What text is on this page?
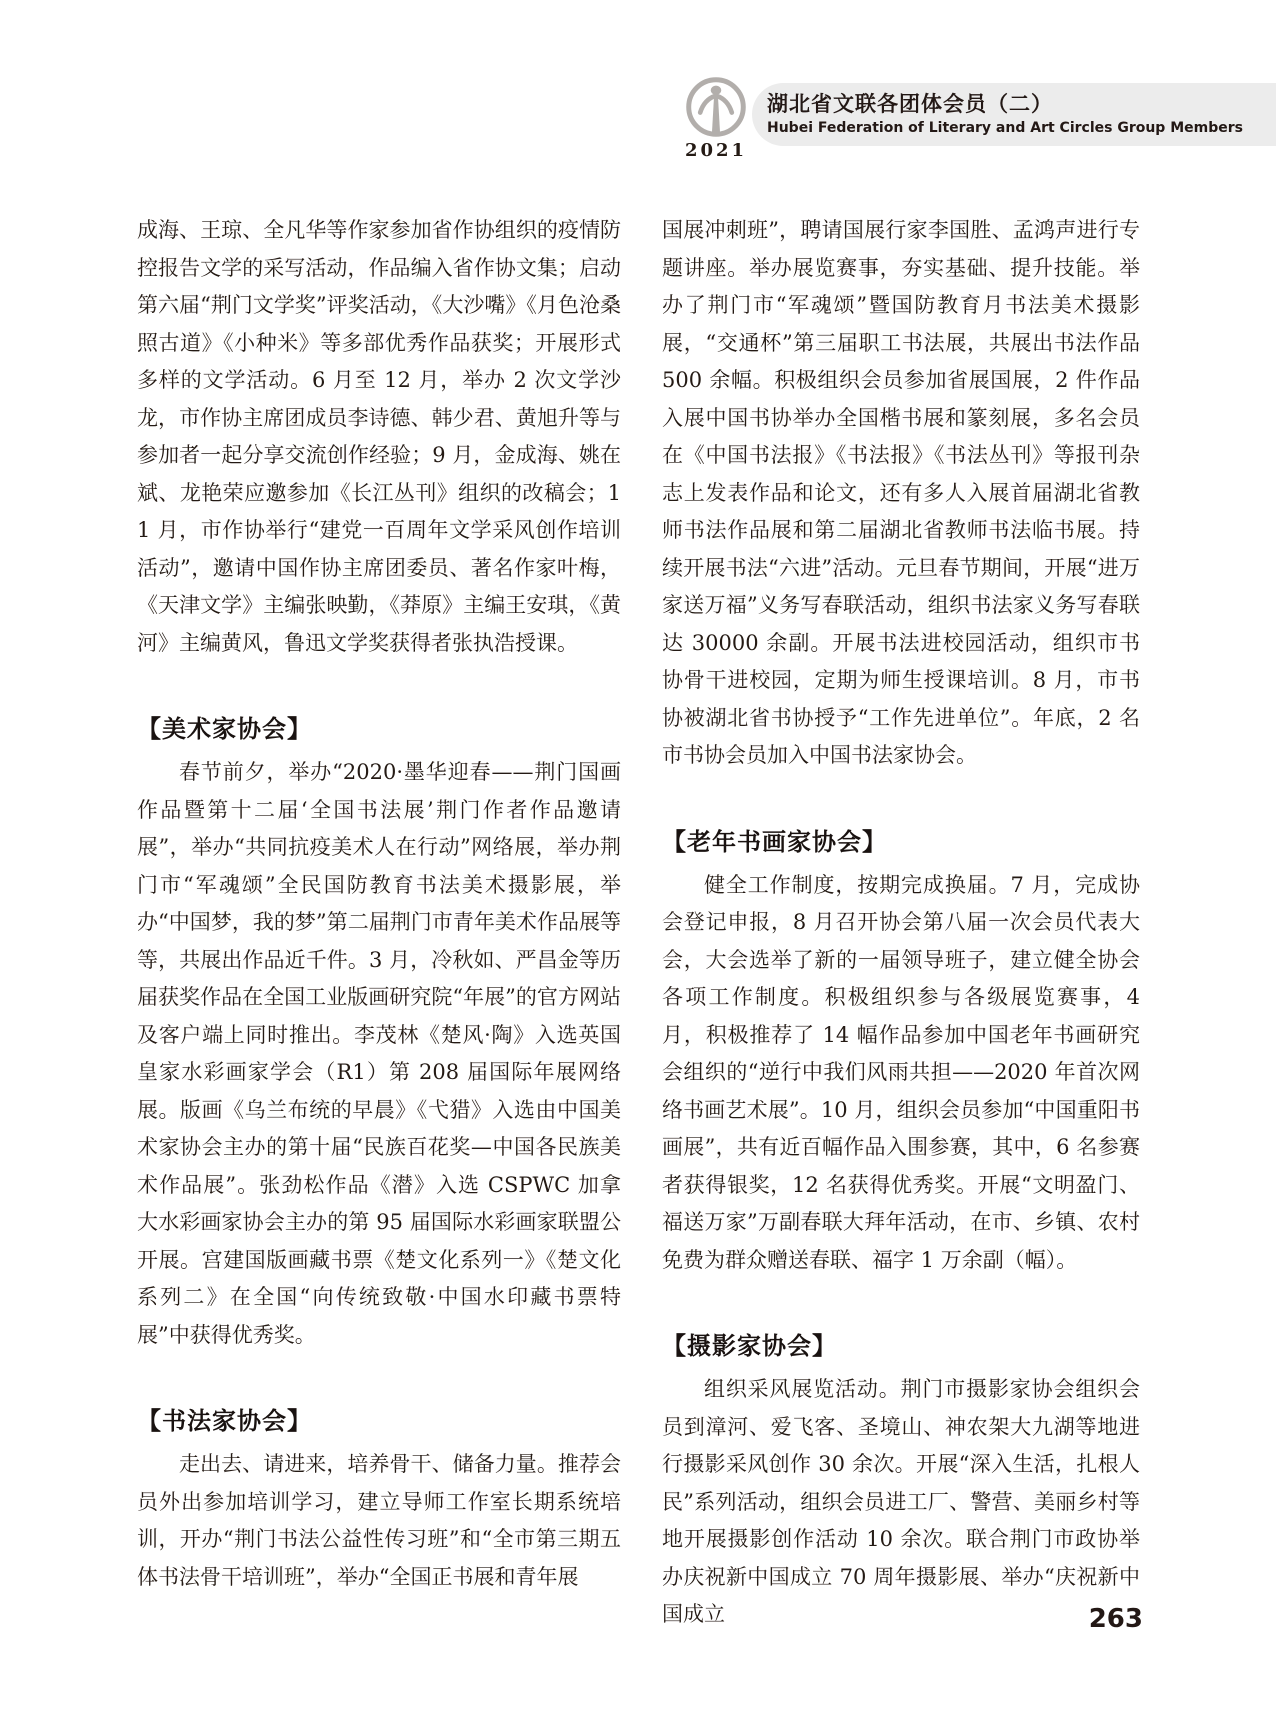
2021
湖北省文联各团体会员（二）
Hubei Federation of Literary and Art Circles Group Members

成海、王琼、全凡华等作家参加省作协组织的疫情防控报告文学的采写活动，作品编入省作协文集；启动第六届“荆门文学奖”评奖活动，《大沙嘴》《月色沧桑照古道》《小种米》等多部优秀作品获奖；开展形式多样的文学活动。6 月至 12 月，举办 2 次文学沙龙，市作协主席团成员李诗德、韩少君、黄旭升等与参加者一起分享交流创作经验；9 月，金成海、姚在斌、龙艳荣应邀参加《长江丛刊》组织的改稿会；11 月，市作协举行“建党一百周年文学采风创作培训活动”，邀请中国作协主席团委员、著名作家叶梅，《天津文学》主编张映勤，《莽原》主编王安琪，《黄河》主编黄风，鲁迅文学奖获得者张执浩授课。

【美术家协会】

春节前夕，举办“2020·墨华迎春——荆门国画作品暨第十二届‘全国书法展’荆门作者作品邀请展”，举办“共同抗疫美术人在行动”网络展，举办荆门市“军魂颂”全民国防教育书法美术摄影展，举办“中国梦，我的梦”第二届荆门市青年美术作品展等等，共展出作品近千件。3 月，冷秋如、严昌金等历届获奖作品在全国工业版画研究院“年展”的官方网站及客户端上同时推出。李茂林《楚风·陶》入选英国皇家水彩画家学会（R1）第 208 届国际年展网络展。版画《乌兰布统的早晨》《弋猎》入选由中国美术家协会主办的第十届“民族百花奖—中国各民族美术作品展”。张劲松作品《潜》入选 CSPWC 加拿大水彩画家协会主办的第 95 届国际水彩画家联盟公开展。宫建国版画藏书票《楚文化系列一》《楚文化系列二》在全国“向传统致敬·中国水印藏书票特展”中获得优秀奖。

【书法家协会】

走出去、请进来，培养骨干、储备力量。推荐会员外出参加培训学习，建立导师工作室长期系统培训，开办“荆门书法公益性传习班”和“全市第三期五体书法骨干培训班”，举办“全国正书展和青年展

国展冲刺班”，聘请国展行家李国胜、孟鸿声进行专题讲座。举办展览赛事，夯实基础、提升技能。举办了荆门市“军魂颂”暨国防教育月书法美术摄影展，“交通杯”第三届职工书法展，共展出书法作品 500 余幅。积极组织会员参加省展国展，2 件作品入展中国书协举办全国楷书展和篆刻展，多名会员在《中国书法报》《书法报》《书法丛刊》等报刊杂志上发表作品和论文，还有多人入展首届湖北省教师书法作品展和第二届湖北省教师书法临书展。持续开展书法“六进”活动。元旦春节期间，开展“进万家送万福”义务写春联活动，组织书法家义务写春联达 30000 余副。开展书法进校园活动，组织市书协骨干进校园，定期为师生授课培训。8 月，市书协被湖北省书协授予“工作先进单位”。年底，2 名市书协会员加入中国书法家协会。

【老年书画家协会】

健全工作制度，按期完成换届。7 月，完成协会登记申报，8 月召开协会第八届一次会员代表大会，大会选举了新的一届领导班子，建立健全协会各项工作制度。积极组织参与各级展览赛事，4 月，积极推荐了 14 幅作品参加中国老年书画研究会组织的“逆行中我们风雨共担——2020 年首次网络书画艺术展”。10 月，组织会员参加“中国重阳书画展”，共有近百幅作品入围参赛，其中，6 名参赛者获得银奖，12 名获得优秀奖。开展“文明盈门、福送万家”万副春联大拜年活动，在市、乡镇、农村免费为群众赠送春联、福字 1 万余副（幅）。

【摄影家协会】

组织采风展览活动。荆门市摄影家协会组织会员到漳河、爱飞客、圣境山、神农架大九湖等地进行摄影采风创作 30 余次。开展“深入生活，扎根人民”系列活动，组织会员进工厂、警营、美丽乡村等地开展摄影创作活动 10 余次。联合荆门市政协举办庆祝新中国成立 70 周年摄影展、举办“庆祝新中国成立	263
